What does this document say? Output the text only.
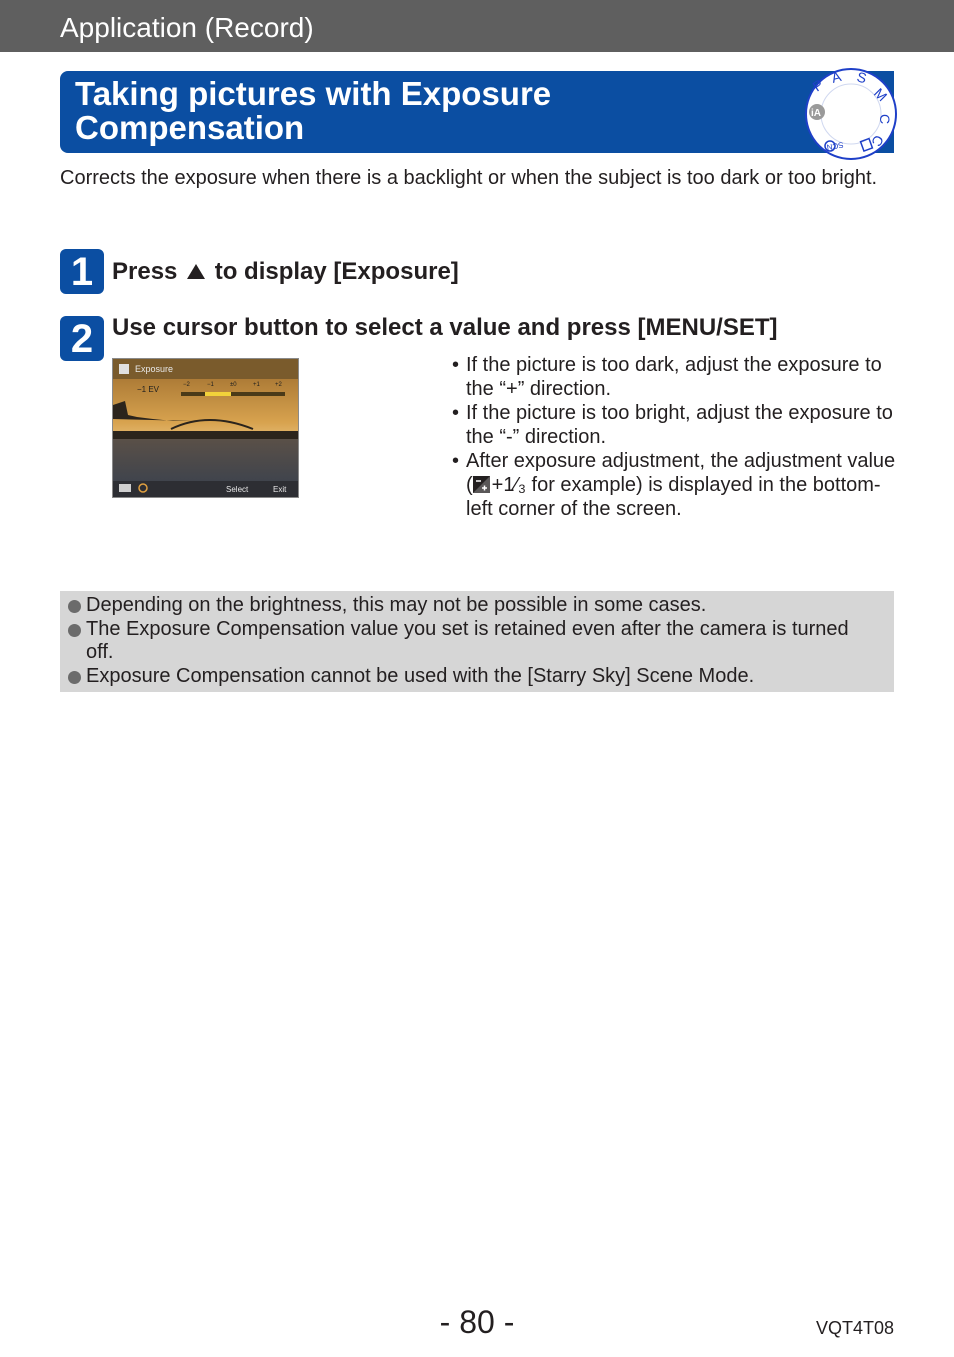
Application (Record)
Taking pictures with Exposure Compensation
P A S
M
C
C
SCN
iA
Corrects the exposure when there is a backlight or when the subject is too dark or too bright.
1 Press to display [Exposure]
2 Use cursor button to select a value and press [MENU/SET]
Exposure
−1 EV	−2	−1	±0	+1	+2
Select	Exit
• If the picture is too dark, adjust the exposure to the “+” direction.
• If the picture is too bright, adjust the exposure to the “-” direction.
• After exposure adjustment, the adjustment value ( +1⁄₃ for example) is displayed in the bottom-left corner of the screen.
Depending on the brightness, this may not be possible in some cases.
The Exposure Compensation value you set is retained even after the camera is turned off.
Exposure Compensation cannot be used with the [Starry Sky] Scene Mode.
- 80 -	VQT4T08
